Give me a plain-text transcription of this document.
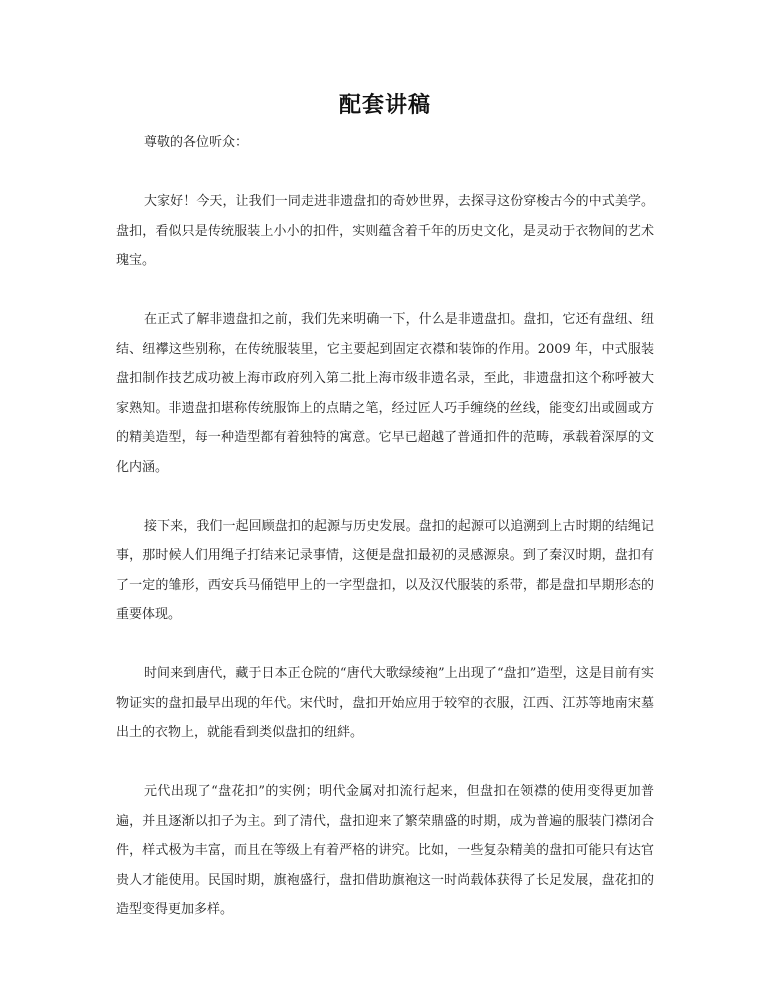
配套讲稿

尊敬的各位听众：

大家好！今天，让我们一同走进非遗盘扣的奇妙世界，去探寻这份穿梭古今的中式美学。盘扣，看似只是传统服装上小小的扣件，实则蕴含着千年的历史文化，是灵动于衣物间的艺术瑰宝。

在正式了解非遗盘扣之前，我们先来明确一下，什么是非遗盘扣。盘扣，它还有盘纽、纽结、纽襻这些别称，在传统服装里，它主要起到固定衣襟和装饰的作用。2009 年，中式服装盘扣制作技艺成功被上海市政府列入第二批上海市级非遗名录，至此，非遗盘扣这个称呼被大家熟知。非遗盘扣堪称传统服饰上的点睛之笔，经过匠人巧手缠绕的丝线，能变幻出或圆或方的精美造型，每一种造型都有着独特的寓意。它早已超越了普通扣件的范畴，承载着深厚的文化内涵。

接下来，我们一起回顾盘扣的起源与历史发展。盘扣的起源可以追溯到上古时期的结绳记事，那时候人们用绳子打结来记录事情，这便是盘扣最初的灵感源泉。到了秦汉时期，盘扣有了一定的雏形，西安兵马俑铠甲上的一字型盘扣，以及汉代服装的系带，都是盘扣早期形态的重要体现。

时间来到唐代，藏于日本正仓院的“唐代大歌绿绫袍”上出现了“盘扣”造型，这是目前有实物证实的盘扣最早出现的年代。宋代时，盘扣开始应用于较窄的衣服，江西、江苏等地南宋墓出土的衣物上，就能看到类似盘扣的纽絆。

元代出现了“盘花扣”的实例；明代金属对扣流行起来，但盘扣在领襟的使用变得更加普遍，并且逐渐以扣子为主。到了清代，盘扣迎来了繁荣鼎盛的时期，成为普遍的服装门襟闭合件，样式极为丰富，而且在等级上有着严格的讲究。比如，一些复杂精美的盘扣可能只有达官贵人才能使用。民国时期，旗袍盛行，盘扣借助旗袍这一时尚载体获得了长足发展，盘花扣的造型变得更加多样。
